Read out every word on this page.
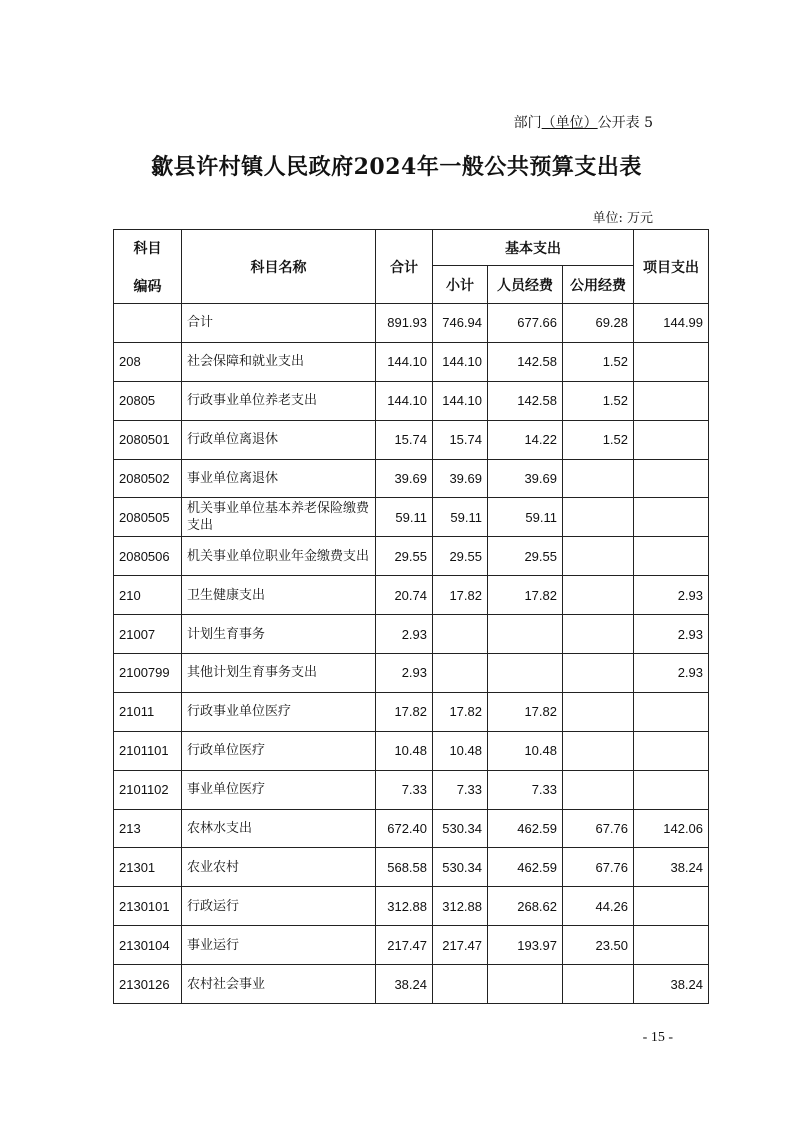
部门（单位）公开表 5
歙县许村镇人民政府2024年一般公共预算支出表
单位: 万元
科目
编码	科目名称	合计	基本支出			项目支出
			小计	人员经费	公用经费	
	合计	891.93	746.94	677.66	69.28	144.99
208	社会保障和就业支出	144.10	144.10	142.58	1.52	
20805	行政事业单位养老支出	144.10	144.10	142.58	1.52	
2080501	行政单位离退休	15.74	15.74	14.22	1.52	
2080502	事业单位离退休	39.69	39.69	39.69		
2080505	机关事业单位基本养老保险缴费支出	59.11	59.11	59.11		
2080506	机关事业单位职业年金缴费支出	29.55	29.55	29.55		
210	卫生健康支出	20.74	17.82	17.82		2.93
21007	计划生育事务	2.93				2.93
2100799	其他计划生育事务支出	2.93				2.93
21011	行政事业单位医疗	17.82	17.82	17.82		
2101101	行政单位医疗	10.48	10.48	10.48		
2101102	事业单位医疗	7.33	7.33	7.33		
213	农林水支出	672.40	530.34	462.59	67.76	142.06
21301	农业农村	568.58	530.34	462.59	67.76	38.24
2130101	行政运行	312.88	312.88	268.62	44.26	
2130104	事业运行	217.47	217.47	193.97	23.50	
2130126	农村社会事业	38.24				38.24
- 15 -
